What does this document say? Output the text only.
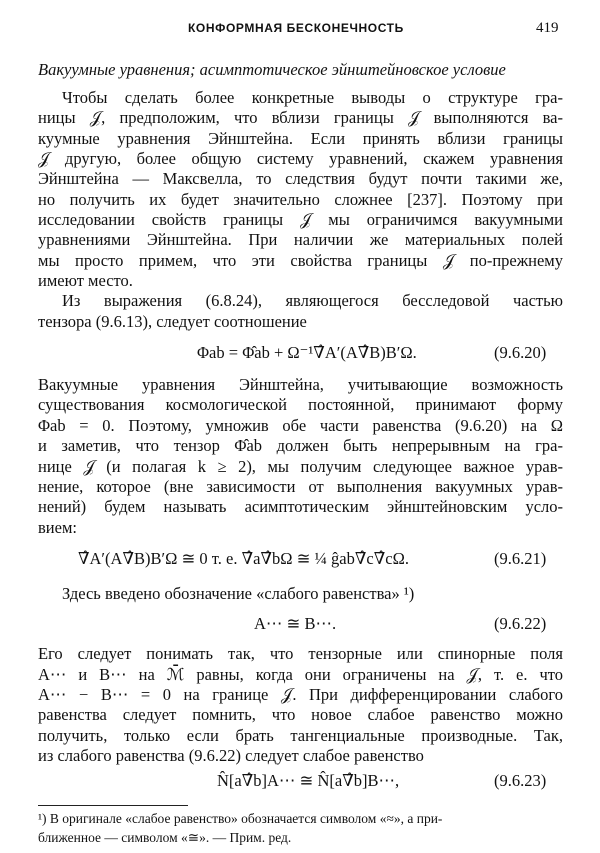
КОНФОРМНАЯ БЕСКОНЕЧНОСТЬ	419
Вакуумные уравнения; асимптотическое эйнштейновское условие
Чтобы сделать более конкретные выводы о структуре гра-
ницы 𝒥, предположим, что вблизи границы 𝒥 выполняются ва-
куумные уравнения Эйнштейна. Если принять вблизи границы
𝒥 другую, более общую систему уравнений, скажем уравнения
Эйнштейна — Максвелла, то следствия будут почти такими же,
но получить их будет значительно сложнее [237]. Поэтому при
исследовании свойств границы 𝒥 мы ограничимся вакуумными
уравнениями Эйнштейна. При наличии же материальных полей
мы просто примем, что эти свойства границы 𝒥 по-прежнему
имеют место.
Из выражения (6.8.24), являющегося бесследовой частью
тензора (9.6.13), следует соотношение
Φab = Φ̂ab + Ω⁻¹∇̂A′(A∇̂B)B′Ω.	(9.6.20)
Вакуумные уравнения Эйнштейна, учитывающие возможность
существования космологической постоянной, принимают форму
Φab = 0. Поэтому, умножив обе части равенства (9.6.20) на Ω
и заметив, что тензор Φ̂ab должен быть непрерывным на гра-
нице 𝒥 (и полагая k ≥ 2), мы получим следующее важное урав-
нение, которое (вне зависимости от выполнения вакуумных урав-
нений) будем называть асимптотическим эйнштейновским усло-
вием:
∇̂A′(A∇̂B)B′Ω ≅ 0 т. е. ∇̂a∇̂bΩ ≅ ¼ ĝab∇̂c∇̂cΩ.	(9.6.21)
Здесь введено обозначение «слабого равенства» ¹)
A⋯ ≅ B⋯.	(9.6.22)
Его следует понимать так, что тензорные или спинорные поля
A⋯ и B⋯ на ℳ̄ равны, когда они ограничены на 𝒥, т. е. что
A⋯ − B⋯ = 0 на границе 𝒥. При дифференцировании слабого
равенства следует помнить, что новое слабое равенство можно
получить, только если брать тангенциальные производные. Так,
из слабого равенства (9.6.22) следует слабое равенство
N̂[a∇̂b]A⋯ ≅ N̂[a∇̂b]B⋯,	(9.6.23)
¹) В оригинале «слабое равенство» обозначается символом «≈», а при-
ближенное — символом «≅». — Прим. ред.
